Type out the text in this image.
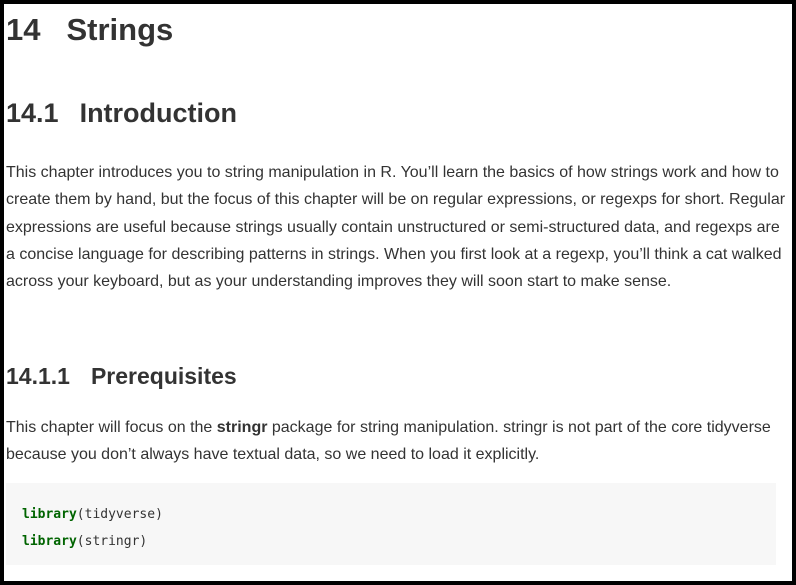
14 Strings
14.1 Introduction

This chapter introduces you to string manipulation in R. You’ll learn the basics of how strings work and how to create them by hand, but the focus of this chapter will be on regular expressions, or regexps for short. Regular expressions are useful because strings usually contain unstructured or semi-structured data, and regexps are a concise language for describing patterns in strings. When you first look at a regexp, you’ll think a cat walked across your keyboard, but as your understanding improves they will soon start to make sense.

14.1.1 Prerequisites

This chapter will focus on the stringr package for string manipulation. stringr is not part of the core tidyverse because you don’t always have textual data, so we need to load it explicitly.

library(tidyverse)
library(stringr)
